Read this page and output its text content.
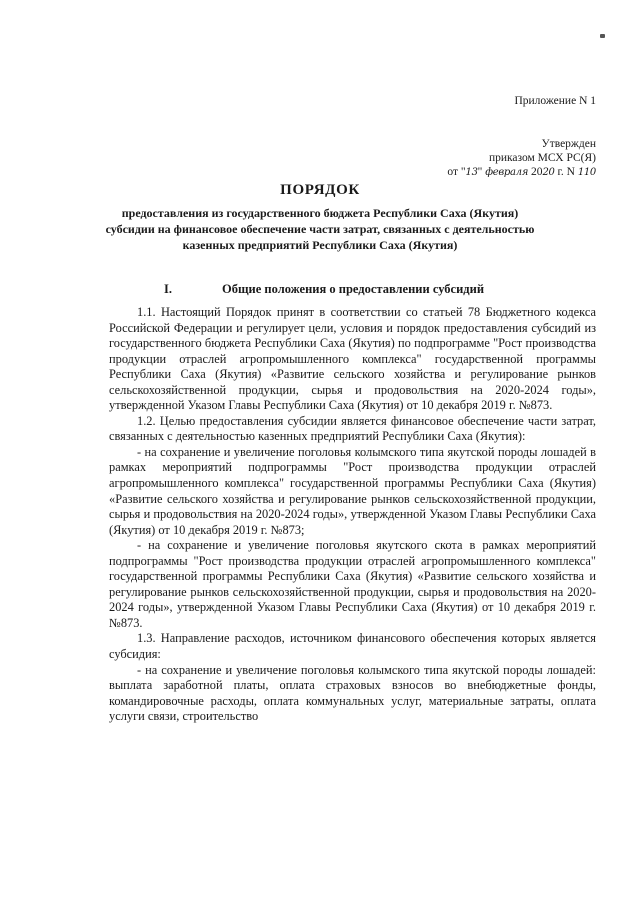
Приложение N 1
Утвержден
приказом МСХ РС(Я)
от "13" февраля 2020 г. N 110
ПОРЯДОК
предоставления из государственного бюджета Республики Саха (Якутия) субсидии на финансовое обеспечение части затрат, связанных с деятельностью казенных предприятий Республики Саха (Якутия)
I.	Общие положения о предоставлении субсидий

1.1. Настоящий Порядок принят в соответствии со статьей 78 Бюджетного кодекса Российской Федерации и регулирует цели, условия и порядок предоставления субсидий из государственного бюджета Республики Саха (Якутия) по подпрограмме "Рост производства продукции отраслей агропромышленного комплекса" государственной программы Республики Саха (Якутия) «Развитие сельского хозяйства и регулирование рынков сельскохозяйственной продукции, сырья и продовольствия на 2020-2024 годы», утвержденной Указом Главы Республики Саха (Якутия) от 10 декабря 2019 г. №873.

1.2. Целью предоставления субсидии является финансовое обеспечение части затрат, связанных с деятельностью казенных предприятий Республики Саха (Якутия):

- на сохранение и увеличение поголовья колымского типа якутской породы лошадей в рамках мероприятий подпрограммы "Рост производства продукции отраслей агропромышленного комплекса" государственной программы Республики Саха (Якутия) «Развитие сельского хозяйства и регулирование рынков сельскохозяйственной продукции, сырья и продовольствия на 2020-2024 годы», утвержденной Указом Главы Республики Саха (Якутия) от 10 декабря 2019 г. №873;

- на сохранение и увеличение поголовья якутского скота в рамках мероприятий подпрограммы "Рост производства продукции отраслей агропромышленного комплекса" государственной программы Республики Саха (Якутия) «Развитие сельского хозяйства и регулирование рынков сельскохозяйственной продукции, сырья и продовольствия на 2020-2024 годы», утвержденной Указом Главы Республики Саха (Якутия) от 10 декабря 2019 г. №873.

1.3. Направление расходов, источником финансового обеспечения которых является субсидия:

- на сохранение и увеличение поголовья колымского типа якутской породы лошадей: выплата заработной платы, оплата страховых взносов во внебюджетные фонды, командировочные расходы, оплата коммунальных услуг, материальные затраты, оплата услуги связи, строительство
